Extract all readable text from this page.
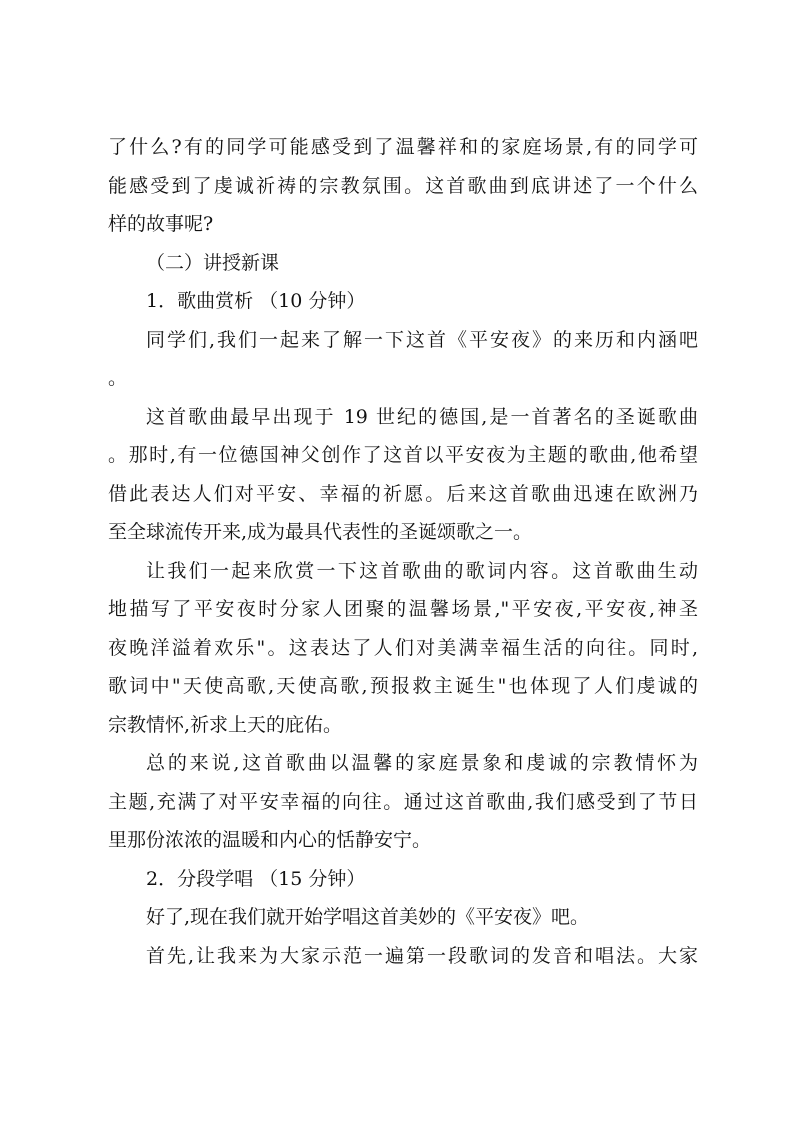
了什么?有的同学可能感受到了温馨祥和的家庭场景,有的同学可
能感受到了虔诚祈祷的宗教氛围。这首歌曲到底讲述了一个什么
样的故事呢?
（二）讲授新课
1．歌曲赏析 （10 分钟）
同学们,我们一起来了解一下这首《平安夜》的来历和内涵吧
。
这首歌曲最早出现于 19 世纪的德国,是一首著名的圣诞歌曲
。那时,有一位德国神父创作了这首以平安夜为主题的歌曲,他希望
借此表达人们对平安、幸福的祈愿。后来这首歌曲迅速在欧洲乃
至全球流传开来,成为最具代表性的圣诞颂歌之一。
让我们一起来欣赏一下这首歌曲的歌词内容。这首歌曲生动
地描写了平安夜时分家人团聚的温馨场景,"平安夜,平安夜,神圣
夜晚洋溢着欢乐"。这表达了人们对美满幸福生活的向往。同时,
歌词中"天使高歌,天使高歌,预报救主诞生"也体现了人们虔诚的
宗教情怀,祈求上天的庇佑。
总的来说,这首歌曲以温馨的家庭景象和虔诚的宗教情怀为
主题,充满了对平安幸福的向往。通过这首歌曲,我们感受到了节日
里那份浓浓的温暖和内心的恬静安宁。
2．分段学唱 （15 分钟）
好了,现在我们就开始学唱这首美妙的《平安夜》吧。
首先,让我来为大家示范一遍第一段歌词的发音和唱法。大家
